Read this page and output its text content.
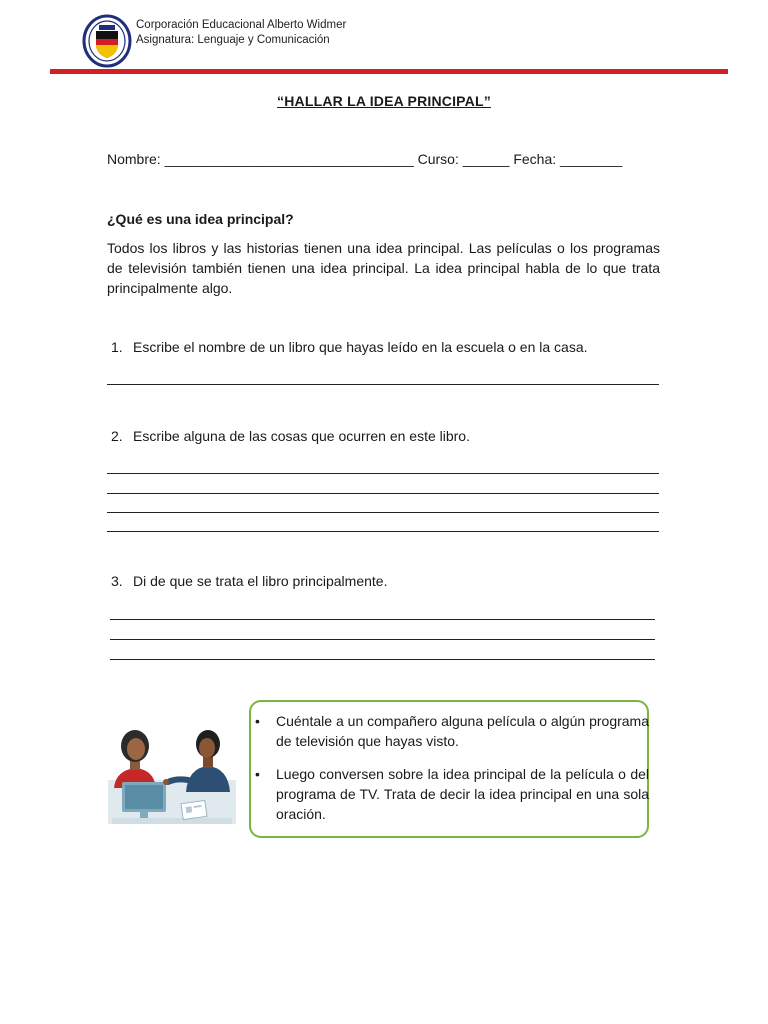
Corporación Educacional Alberto Widmer
Asignatura: Lenguaje y Comunicación
“HALLAR LA IDEA PRINCIPAL”
Nombre: ________________________________ Curso: ______ Fecha: ________
¿Qué es una idea principal?
Todos los libros y las historias tienen una idea principal. Las películas o los programas de televisión también tienen una idea principal. La idea principal habla de lo que trata principalmente algo.
1. Escribe el nombre de un libro que hayas leído en la escuela o en la casa.
2. Escribe alguna de las cosas que ocurren en este libro.
3. Di de que se trata el libro principalmente.
•	Cuéntale a un compañero alguna película o algún programa de televisión que hayas visto.
•	Luego conversen sobre la idea principal de la película o del programa de TV. Trata de decir la idea principal en una sola oración.
